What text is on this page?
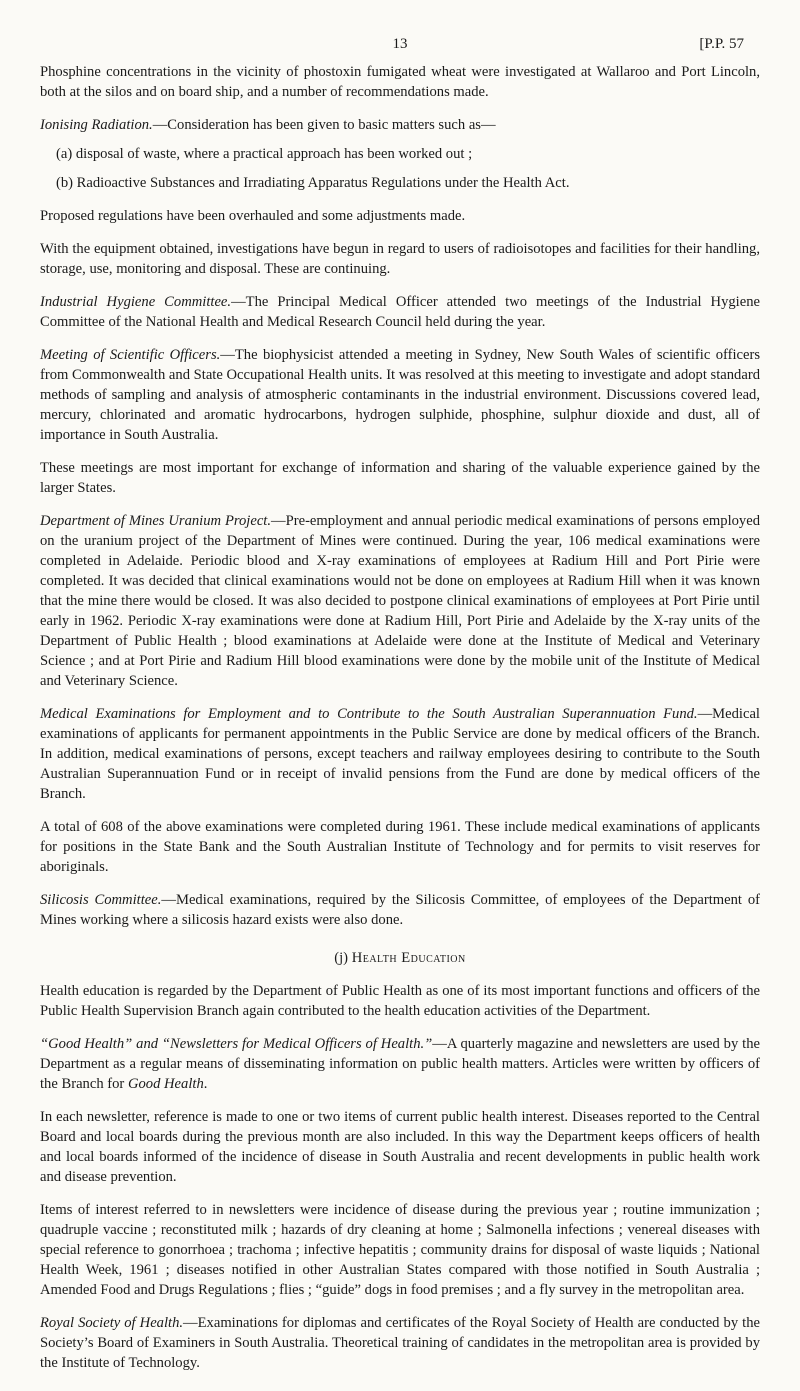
13	[P.P. 57

Phosphine concentrations in the vicinity of phostoxin fumigated wheat were investigated at Wallaroo and Port Lincoln, both at the silos and on board ship, and a number of recommendations made.

Ionising Radiation.—Consideration has been given to basic matters such as—

(a) disposal of waste, where a practical approach has been worked out ;

(b) Radioactive Substances and Irradiating Apparatus Regulations under the Health Act.

Proposed regulations have been overhauled and some adjustments made.

With the equipment obtained, investigations have begun in regard to users of radioisotopes and facilities for their handling, storage, use, monitoring and disposal. These are continuing.

Industrial Hygiene Committee.—The Principal Medical Officer attended two meetings of the Industrial Hygiene Committee of the National Health and Medical Research Council held during the year.

Meeting of Scientific Officers.—The biophysicist attended a meeting in Sydney, New South Wales of scientific officers from Commonwealth and State Occupational Health units. It was resolved at this meeting to investigate and adopt standard methods of sampling and analysis of atmospheric contaminants in the industrial environment. Discussions covered lead, mercury, chlorinated and aromatic hydrocarbons, hydrogen sulphide, phosphine, sulphur dioxide and dust, all of importance in South Australia.

These meetings are most important for exchange of information and sharing of the valuable experience gained by the larger States.

Department of Mines Uranium Project.—Pre-employment and annual periodic medical examinations of persons employed on the uranium project of the Department of Mines were continued. During the year, 106 medical examinations were completed in Adelaide. Periodic blood and X-ray examinations of employees at Radium Hill and Port Pirie were completed. It was decided that clinical examinations would not be done on employees at Radium Hill when it was known that the mine there would be closed. It was also decided to postpone clinical examinations of employees at Port Pirie until early in 1962. Periodic X-ray examinations were done at Radium Hill, Port Pirie and Adelaide by the X-ray units of the Department of Public Health ; blood examinations at Adelaide were done at the Institute of Medical and Veterinary Science ; and at Port Pirie and Radium Hill blood examinations were done by the mobile unit of the Institute of Medical and Veterinary Science.

Medical Examinations for Employment and to Contribute to the South Australian Superannuation Fund.—Medical examinations of applicants for permanent appointments in the Public Service are done by medical officers of the Branch. In addition, medical examinations of persons, except teachers and railway employees desiring to contribute to the South Australian Superannuation Fund or in receipt of invalid pensions from the Fund are done by medical officers of the Branch.

A total of 608 of the above examinations were completed during 1961. These include medical examinations of applicants for positions in the State Bank and the South Australian Institute of Technology and for permits to visit reserves for aboriginals.

Silicosis Committee.—Medical examinations, required by the Silicosis Committee, of employees of the Department of Mines working where a silicosis hazard exists were also done.

(j) Health Education

Health education is regarded by the Department of Public Health as one of its most important functions and officers of the Public Health Supervision Branch again contributed to the health education activities of the Department.

“Good Health” and “Newsletters for Medical Officers of Health.”—A quarterly magazine and newsletters are used by the Department as a regular means of disseminating information on public health matters. Articles were written by officers of the Branch for Good Health.

In each newsletter, reference is made to one or two items of current public health interest. Diseases reported to the Central Board and local boards during the previous month are also included. In this way the Department keeps officers of health and local boards informed of the incidence of disease in South Australia and recent developments in public health work and disease prevention.

Items of interest referred to in newsletters were incidence of disease during the previous year ; routine immunization ; quadruple vaccine ; reconstituted milk ; hazards of dry cleaning at home ; Salmonella infections ; venereal diseases with special reference to gonorrhoea ; trachoma ; infective hepatitis ; community drains for disposal of waste liquids ; National Health Week, 1961 ; diseases notified in other Australian States compared with those notified in South Australia ; Amended Food and Drugs Regulations ; flies ; “guide” dogs in food premises ; and a fly survey in the metropolitan area.

Royal Society of Health.—Examinations for diplomas and certificates of the Royal Society of Health are conducted by the Society’s Board of Examiners in South Australia. Theoretical training of candidates in the metropolitan area is provided by the Institute of Technology.
